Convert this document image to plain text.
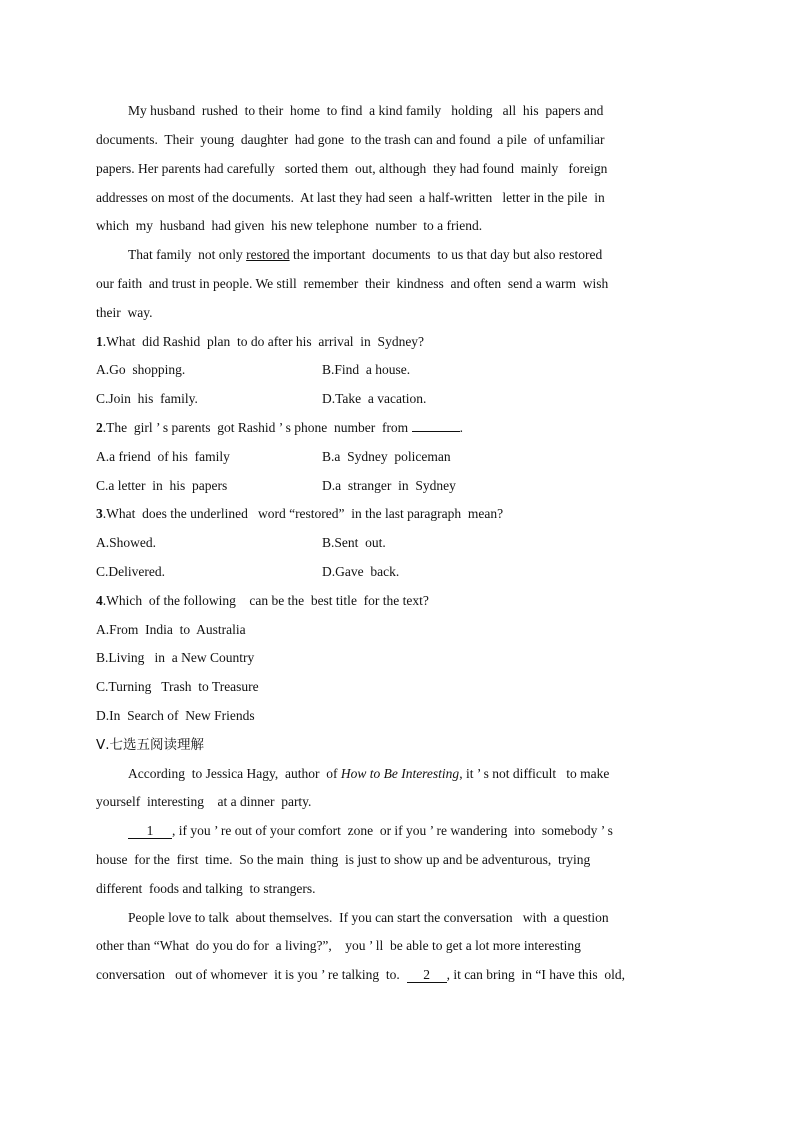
My husband  rushed  to their  home  to find  a kind family   holding   all  his  papers and
documents.  Their  young  daughter  had gone  to the trash can and found  a pile  of unfamiliar
papers. Her parents had carefully   sorted them  out, although  they had found  mainly   foreign
addresses on most of the documents.  At last they had seen  a half-written   letter in the pile  in
which  my  husband  had given  his new telephone  number  to a friend.
That family  not only restored the important  documents  to us that day but also restored
our faith  and trust in people. We still  remember  their  kindness  and often  send a warm  wish
their  way.
1.What  did Rashid  plan  to do after his  arrival  in  Sydney?
A.Go  shopping.	B.Find  a house.
C.Join  his  family.	D.Take  a vacation.
2.The  girl ’ s parents  got Rashid ’ s phone  number  from	.
A.a friend  of his  family	B.a  Sydney  policeman
C.a letter  in  his  papers	D.a  stranger  in  Sydney
3.What  does the underlined   word “restored”  in the last paragraph  mean?
A.Showed.	B.Sent  out.
C.Delivered.	D.Gave  back.
4.Which  of the following    can be the  best title  for the text?
A.From  India  to  Australia
B.Living   in  a New Country
C.Turning   Trash  to Treasure
D.In  Search of  New Friends
Ⅴ.七选五阅读理解
According  to Jessica Hagy,  author  of How to Be Interesting, it ’ s not difficult   to make
yourself  interesting    at a dinner  party.
1 , if you ’ re out of your comfort  zone  or if you ’ re wandering  into  somebody ’ s
house  for the  first  time.  So the main  thing  is just to show up and be adventurous,  trying
different  foods and talking  to strangers.
People love to talk  about themselves.  If you can start the conversation   with  a question
other than “What  do you do for  a living?”,    you ’ ll  be able to get a lot more interesting
conversation   out of whomever  it is you ’ re talking  to.  2 , it can bring  in “I have this  old,
